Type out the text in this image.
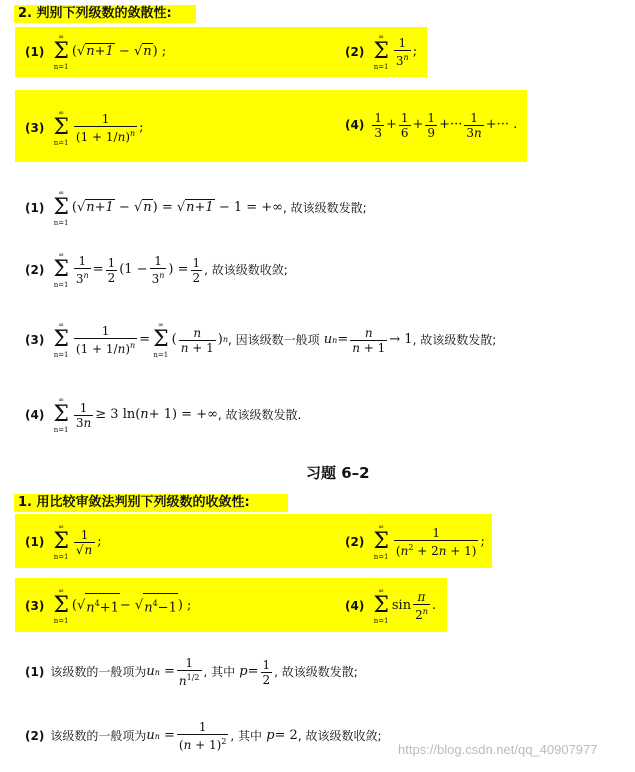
2. 判别下列级数的敛散性:
(1)
∞
Σ
n=1
(√n+1 − √n) ;	(2)
∞
Σ
$n=1 \frac{1}{3^n}$ ;
(3)
∞
Σ
$n=1 \frac{1}{(1 + 1/n)^n}$ ;	$(4) \frac{1}{3} + \frac{1}{6} + \frac{1}{9}$ +··· $\frac{1}{3n}$ +··· .
(1)
∞
Σ
n=1
(√n+1 − √n) = √n+1 − 1 = +∞ , 故该级数发散;
(2)
∞
Σ
$n=1 \frac{1}{3^n} = \frac{1}{2} (1 - \frac{1}{3^n}$ ) = $\frac{1}{2}$ , 故该级数收敛;
(3)
∞
Σ
$n=1 \frac{1}{(1 + 1/n)^n}$ =
∞
Σ
n=1
( $\frac{n}{n + 1}$ ) n , 因该级数一般项 un = $\frac{n}{n + 1} \to 1$ , 故该级数发散;
(4)
∞
Σ
n=1
$\frac{1}{3n} \ge 3$ ln( n + 1) = +∞ , 故该级数发散.
习题 6–2
1. 用比较审敛法判别下列级数的收敛性:
(1)
∞
Σ
n=1
$\frac{1}{√n}$ ;	(2)
∞
Σ
$n=1 \frac{1}{(n^2 + 2n + 1)}$ ;
(3)
∞
Σ
n=1
(√ $n^4+1$ − √ $n^4-1$ ) ;	(4)
∞
Σ
n=1
$\sin \frac{\pi}{2^n}$ .
(1) 该级数的一般项为 un = $\frac{1}{n^{1/2}}$ , 其中
$p = \frac{1}{2}$ , 故该级数发散;
(2) 该级数的一般项为 un = $\frac{1}{(n + 1)^2}$ , 其中
p = 2 , 故该级数收敛;
https://blog.csdn.net/qq_40907977
